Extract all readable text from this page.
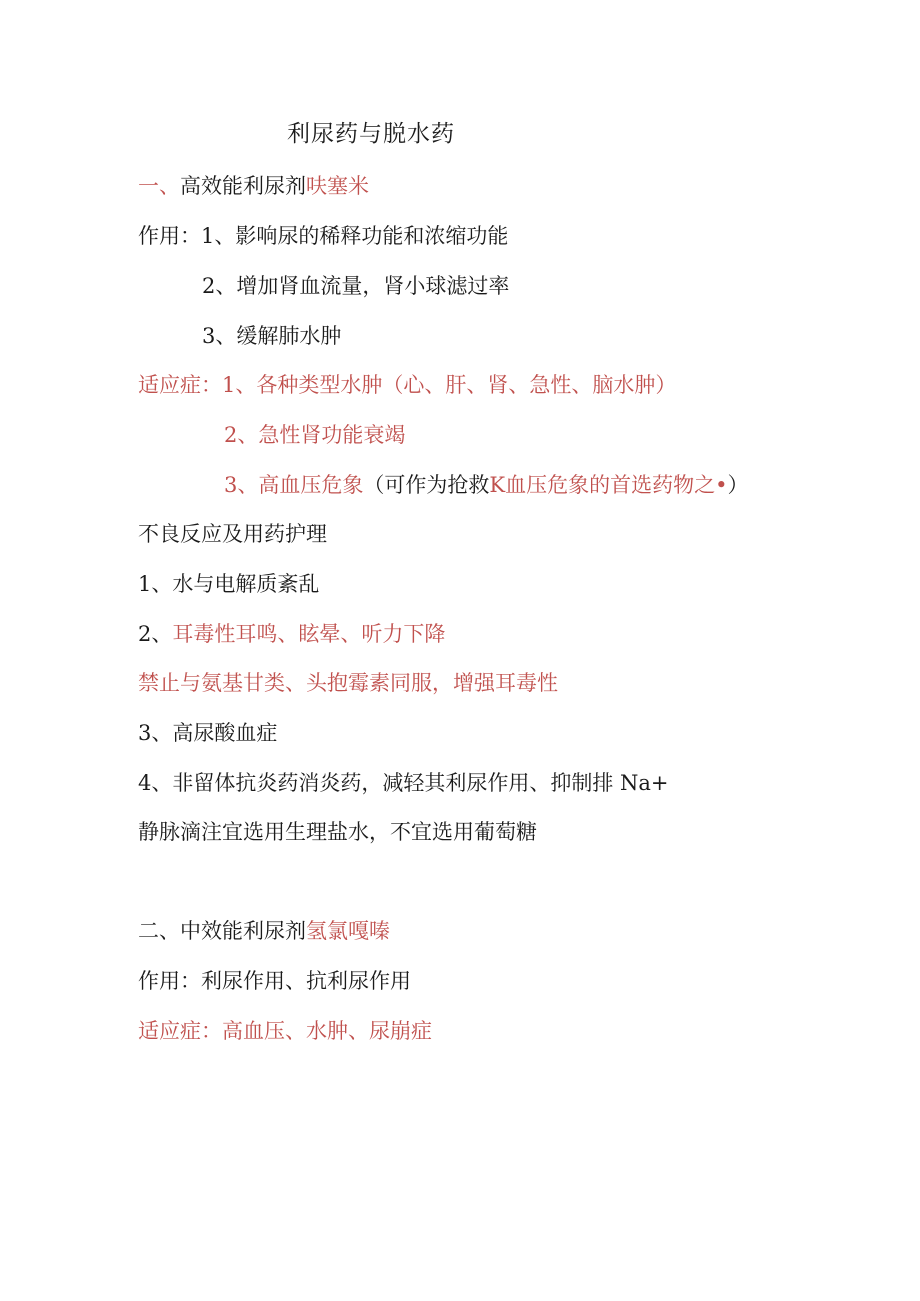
利尿药与脱水药
一、高效能利尿剂呋塞米
作用：1、影响尿的稀释功能和浓缩功能
2、增加肾血流量，肾小球滤过率
3、缓解肺水肿
适应症：1、各种类型水肿（心、肝、肾、急性、脑水肿）
2、急性肾功能衰竭
3、高血压危象（可作为抢救K血压危象的首选药物之•）
不良反应及用药护理
1、水与电解质紊乱
2、耳毒性耳鸣、眩晕、听力下降
禁止与氨基甘类、头抱霉素同服，增强耳毒性
3、高尿酸血症
4、非留体抗炎药消炎药，减轻其利尿作用、抑制排 Na+
静脉滴注宜选用生理盐水，不宜选用葡萄糖
二、中效能利尿剂氢氯嘎嗪
作用：利尿作用、抗利尿作用
适应症：高血压、水肿、尿崩症
